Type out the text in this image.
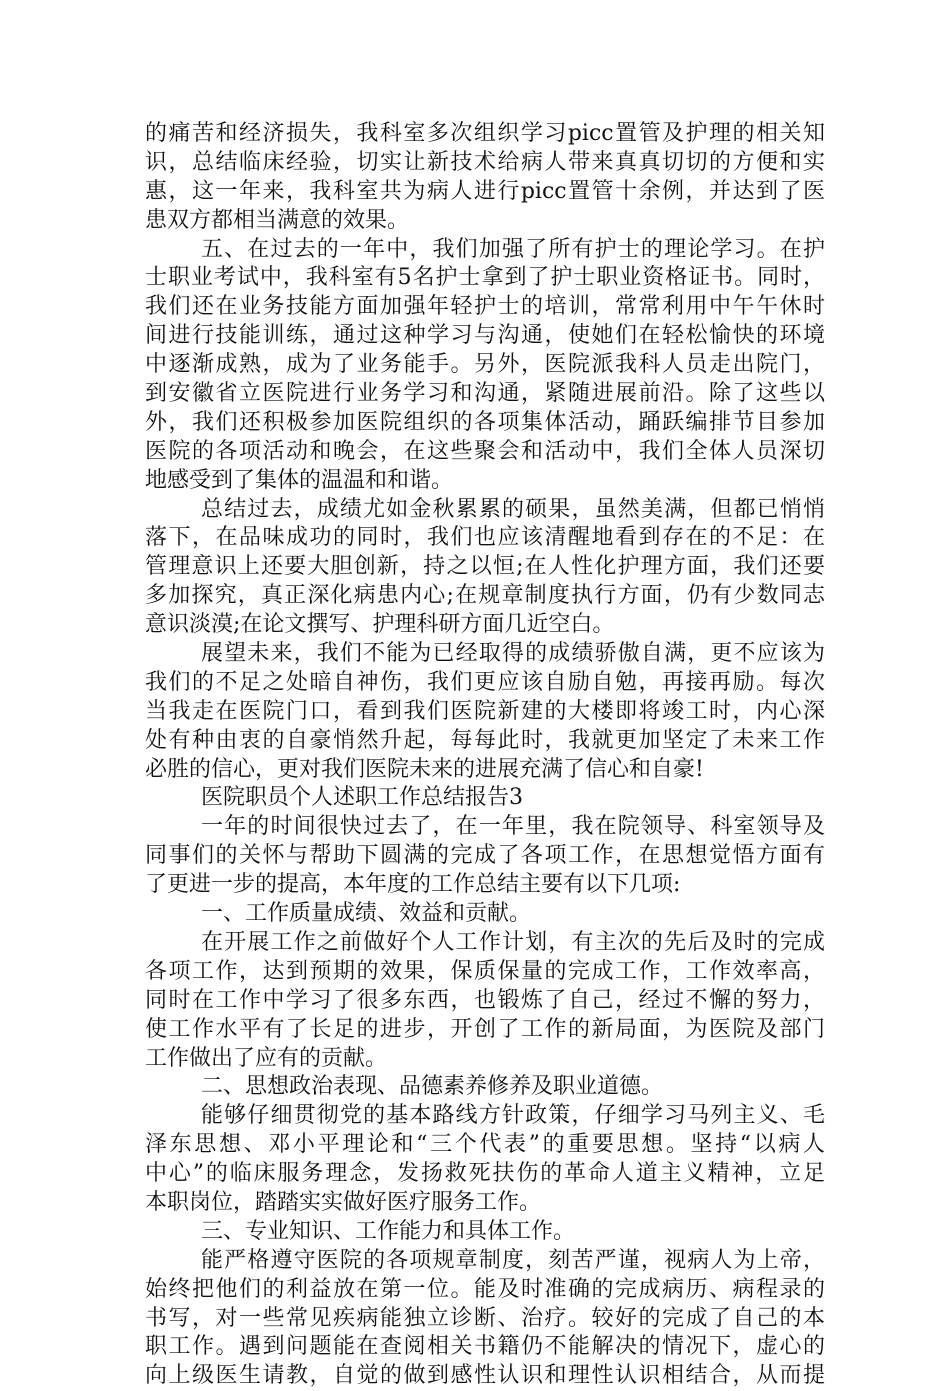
的痛苦和经济损失，我科室多次组织学习picc置管及护理的相关知
识，总结临床经验，切实让新技术给病人带来真真切切的方便和实
惠，这一年来，我科室共为病人进行picc置管十余例，并达到了医
患双方都相当满意的效果。
五、在过去的一年中，我们加强了所有护士的理论学习。在护
士职业考试中，我科室有5名护士拿到了护士职业资格证书。同时，
我们还在业务技能方面加强年轻护士的培训，常常利用中午午休时
间进行技能训练，通过这种学习与沟通，使她们在轻松愉快的环境
中逐渐成熟，成为了业务能手。另外，医院派我科人员走出院门，
到安徽省立医院进行业务学习和沟通，紧随进展前沿。除了这些以
外，我们还积极参加医院组织的各项集体活动，踊跃编排节目参加
医院的各项活动和晚会，在这些聚会和活动中，我们全体人员深切
地感受到了集体的温温和和谐。
总结过去，成绩尤如金秋累累的硕果，虽然美满，但都已悄悄
落下，在品味成功的同时，我们也应该清醒地看到存在的不足：在
管理意识上还要大胆创新，持之以恒;在人性化护理方面，我们还要
多加探究，真正深化病患内心;在规章制度执行方面，仍有少数同志
意识淡漠;在论文撰写、护理科研方面几近空白。
展望未来，我们不能为已经取得的成绩骄傲自满，更不应该为
我们的不足之处暗自神伤，我们更应该自励自勉，再接再励。每次
当我走在医院门口，看到我们医院新建的大楼即将竣工时，内心深
处有种由衷的自豪悄然升起，每每此时，我就更加坚定了未来工作
必胜的信心，更对我们医院未来的进展充满了信心和自豪!
医院职员个人述职工作总结报告3
一年的时间很快过去了，在一年里，我在院领导、科室领导及
同事们的关怀与帮助下圆满的完成了各项工作，在思想觉悟方面有
了更进一步的提高，本年度的工作总结主要有以下几项:
一、工作质量成绩、效益和贡献。
在开展工作之前做好个人工作计划，有主次的先后及时的完成
各项工作，达到预期的效果，保质保量的完成工作，工作效率高，
同时在工作中学习了很多东西，也锻炼了自己，经过不懈的努力，
使工作水平有了长足的进步，开创了工作的新局面，为医院及部门
工作做出了应有的贡献。
二、思想政治表现、品德素养修养及职业道德。
能够仔细贯彻党的基本路线方针政策，仔细学习马列主义、毛
泽东思想、邓小平理论和“三个代表”的重要思想。坚持“以病人
中心”的临床服务理念，发扬救死扶伤的革命人道主义精神，立足
本职岗位，踏踏实实做好医疗服务工作。
三、专业知识、工作能力和具体工作。
能严格遵守医院的各项规章制度，刻苦严谨，视病人为上帝，
始终把他们的利益放在第一位。能及时准确的完成病历、病程录的
书写，对一些常见疾病能独立诊断、治疗。较好的完成了自己的本
职工作。遇到问题能在查阅相关书籍仍不能解决的情况下，虚心的
向上级医生请教，自觉的做到感性认识和理性认识相结合，从而提
